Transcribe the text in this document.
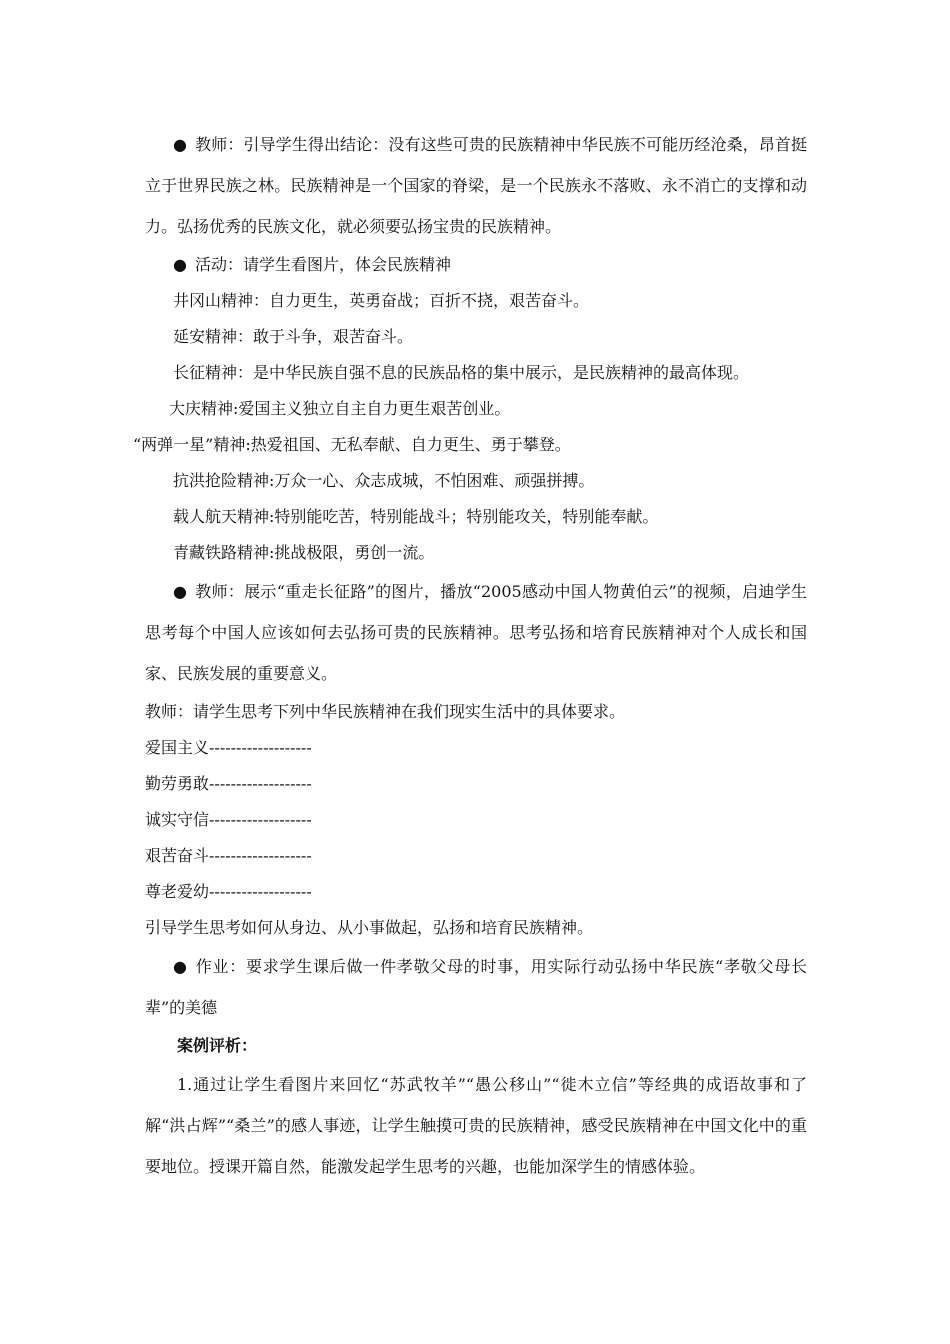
● 教师：引导学生得出结论：没有这些可贵的民族精神中华民族不可能历经沧桑，昂首挺立于世界民族之林。民族精神是一个国家的脊梁，是一个民族永不落败、永不消亡的支撑和动力。弘扬优秀的民族文化，就必须要弘扬宝贵的民族精神。

● 活动：请学生看图片，体会民族精神

井冈山精神：自力更生，英勇奋战；百折不挠，艰苦奋斗。

延安精神：敢于斗争，艰苦奋斗。

长征精神：是中华民族自强不息的民族品格的集中展示，是民族精神的最高体现。

大庆精神:爱国主义独立自主自力更生艰苦创业。

“两弹一星”精神:热爱祖国、无私奉献、自力更生、勇于攀登。

抗洪抢险精神:万众一心、众志成城，不怕困难、顽强拼搏。

载人航天精神:特别能吃苦，特别能战斗；特别能攻关，特别能奉献。

青藏铁路精神:挑战极限，勇创一流。

● 教师：展示“重走长征路”的图片，播放“2005感动中国人物黄伯云”的视频，启迪学生思考每个中国人应该如何去弘扬可贵的民族精神。思考弘扬和培育民族精神对个人成长和国家、民族发展的重要意义。

教师：请学生思考下列中华民族精神在我们现实生活中的具体要求。

爱国主义-------------------

勤劳勇敢-------------------

诚实守信-------------------

艰苦奋斗-------------------

尊老爱幼-------------------

引导学生思考如何从身边、从小事做起，弘扬和培育民族精神。

● 作业：要求学生课后做一件孝敬父母的时事，用实际行动弘扬中华民族“孝敬父母长辈”的美德

案例评析：

1.通过让学生看图片来回忆“苏武牧羊”“愚公移山”“徙木立信”等经典的成语故事和了解“洪占辉”“桑兰”的感人事迹，让学生触摸可贵的民族精神，感受民族精神在中国文化中的重要地位。授课开篇自然，能激发起学生思考的兴趣，也能加深学生的情感体验。
